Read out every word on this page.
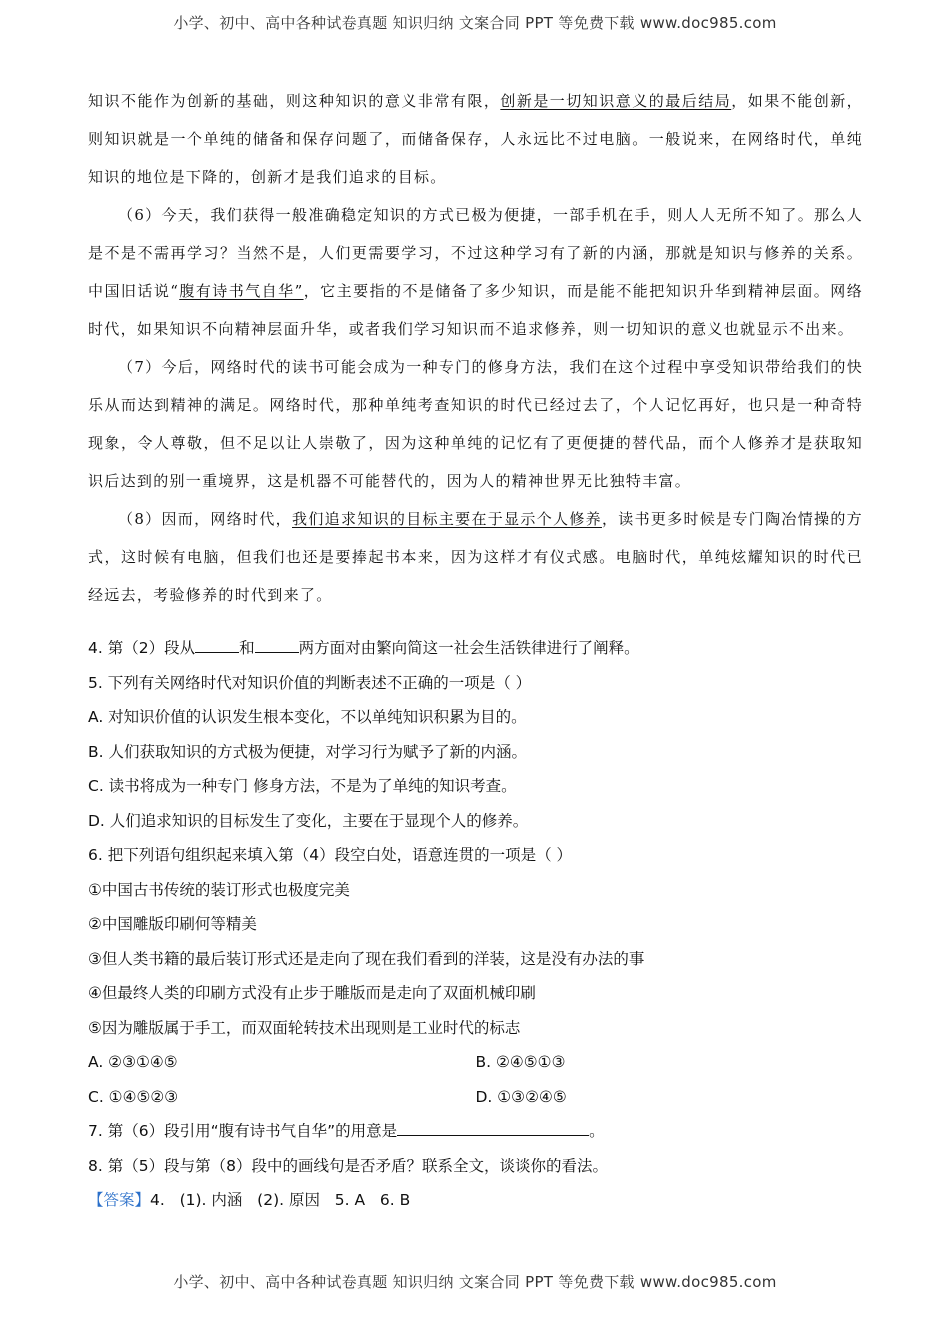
小学、初中、高中各种试卷真题 知识归纳 文案合同 PPT 等免费下载 www.doc985.com

知识不能作为创新的基础，则这种知识的意义非常有限，创新是一切知识意义的最后结局，如果不能创新，则知识就是一个单纯的储备和保存问题了，而储备保存，人永远比不过电脑。一般说来，在网络时代，单纯知识的地位是下降的，创新才是我们追求的目标。

（6）今天，我们获得一般准确稳定知识的方式已极为便捷，一部手机在手，则人人无所不知了。那么人是不是不需再学习？当然不是，人们更需要学习，不过这种学习有了新的内涵，那就是知识与修养的关系。中国旧话说“腹有诗书气自华”，它主要指的不是储备了多少知识，而是能不能把知识升华到精神层面。网络时代，如果知识不向精神层面升华，或者我们学习知识而不追求修养，则一切知识的意义也就显示不出来。

（7）今后，网络时代的读书可能会成为一种专门的修身方法，我们在这个过程中享受知识带给我们的快乐从而达到精神的满足。网络时代，那种单纯考查知识的时代已经过去了，个人记忆再好，也只是一种奇特现象，令人尊敬，但不足以让人崇敬了，因为这种单纯的记忆有了更便捷的替代品，而个人修养才是获取知识后达到的别一重境界，这是机器不可能替代的，因为人的精神世界无比独特丰富。

（8）因而，网络时代，我们追求知识的目标主要在于显示个人修养，读书更多时候是专门陶冶情操的方式，这时候有电脑，但我们也还是要捧起书本来，因为这样才有仪式感。电脑时代，单纯炫耀知识的时代已经远去，考验修养的时代到来了。

4. 第（2）段从	和	两方面对由繁向简这一社会生活铁律进行了阐释。
5. 下列有关网络时代对知识价值的判断表述不正确的一项是（ ）
A. 对知识价值的认识发生根本变化，不以单纯知识积累为目的。
B. 人们获取知识的方式极为便捷，对学习行为赋予了新的内涵。
C. 读书将成为一种专门 修身方法，不是为了单纯的知识考查。
D. 人们追求知识的目标发生了变化，主要在于显现个人的修养。
6. 把下列语句组织起来填入第（4）段空白处，语意连贯的一项是（ ）
①中国古书传统的装订形式也极度完美
②中国雕版印刷何等精美
③但人类书籍的最后装订形式还是走向了现在我们看到的洋装，这是没有办法的事
④但最终人类的印刷方式没有止步于雕版而是走向了双面机械印刷
⑤因为雕版属于手工，而双面轮转技术出现则是工业时代的标志
A. ②③①④⑤	B. ②④⑤①③
C. ①④⑤②③	D. ①③②④⑤
7. 第（6）段引用“腹有诗书气自华”的用意是	。
8. 第（5）段与第（8）段中的画线句是否矛盾？联系全文，谈谈你的看法。
【答案】4.   (1). 内涵   (2). 原因   5. A   6. B
小学、初中、高中各种试卷真题 知识归纳 文案合同 PPT 等免费下载 www.doc985.com
